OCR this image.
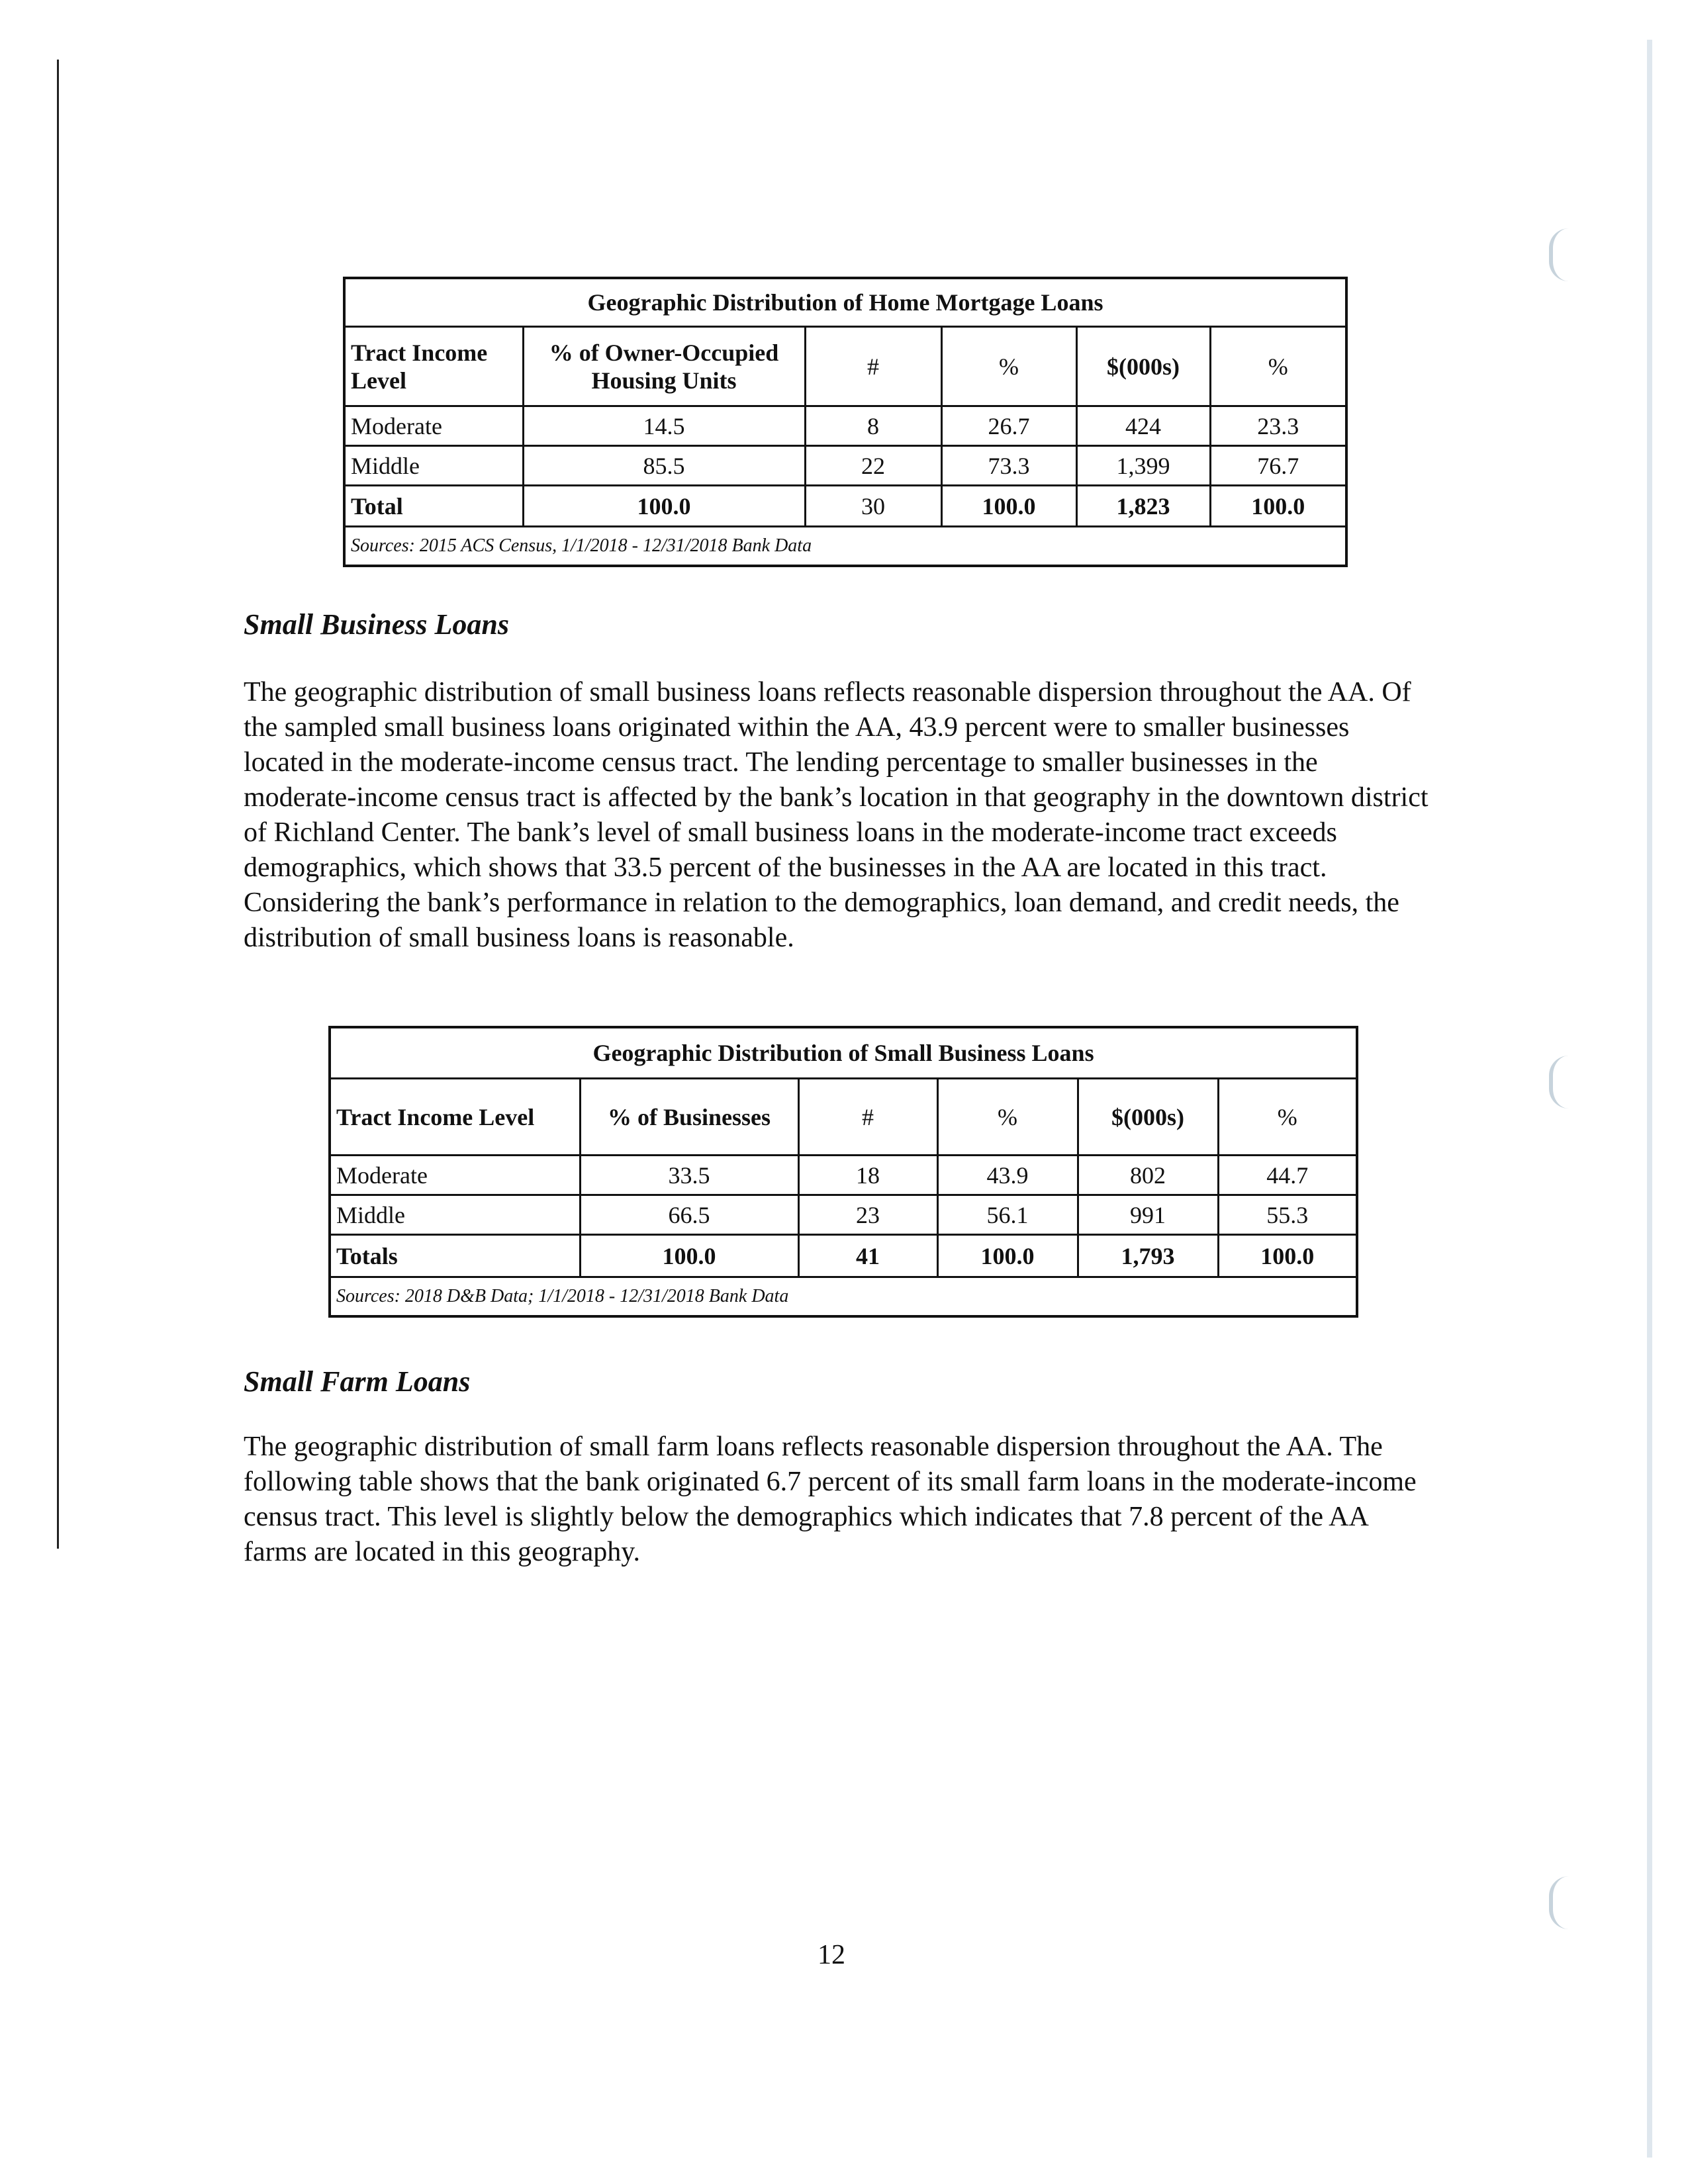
Geographic Distribution of Home Mortgage Loans					
Tract Income Level	% of Owner-Occupied Housing Units	#	%	$(000s)	%
Moderate	14.5	8	26.7	424	23.3
Middle	85.5	22	73.3	1,399	76.7
Total	100.0	30	100.0	1,823	100.0
Sources: 2015 ACS Census, 1/1/2018 - 12/31/2018 Bank Data					
Small Business Loans

The geographic distribution of small business loans reflects reasonable dispersion throughout the AA. Of the sampled small business loans originated within the AA, 43.9 percent were to smaller businesses located in the moderate-income census tract. The lending percentage to smaller businesses in the moderate-income census tract is affected by the bank’s location in that geography in the downtown district of Richland Center. The bank’s level of small business loans in the moderate-income tract exceeds demographics, which shows that 33.5 percent of the businesses in the AA are located in this tract. Considering the bank’s performance in relation to the demographics, loan demand, and credit needs, the distribution of small business loans is reasonable.

Geographic Distribution of Small Business Loans					
Tract Income Level	% of Businesses	#	%	$(000s)	%
Moderate	33.5	18	43.9	802	44.7
Middle	66.5	23	56.1	991	55.3
Totals	100.0	41	100.0	1,793	100.0
Sources: 2018 D&B Data; 1/1/2018 - 12/31/2018 Bank Data					
Small Farm Loans

The geographic distribution of small farm loans reflects reasonable dispersion throughout the AA. The following table shows that the bank originated 6.7 percent of its small farm loans in the moderate-income census tract. This level is slightly below the demographics which indicates that 7.8 percent of the AA farms are located in this geography.

12
